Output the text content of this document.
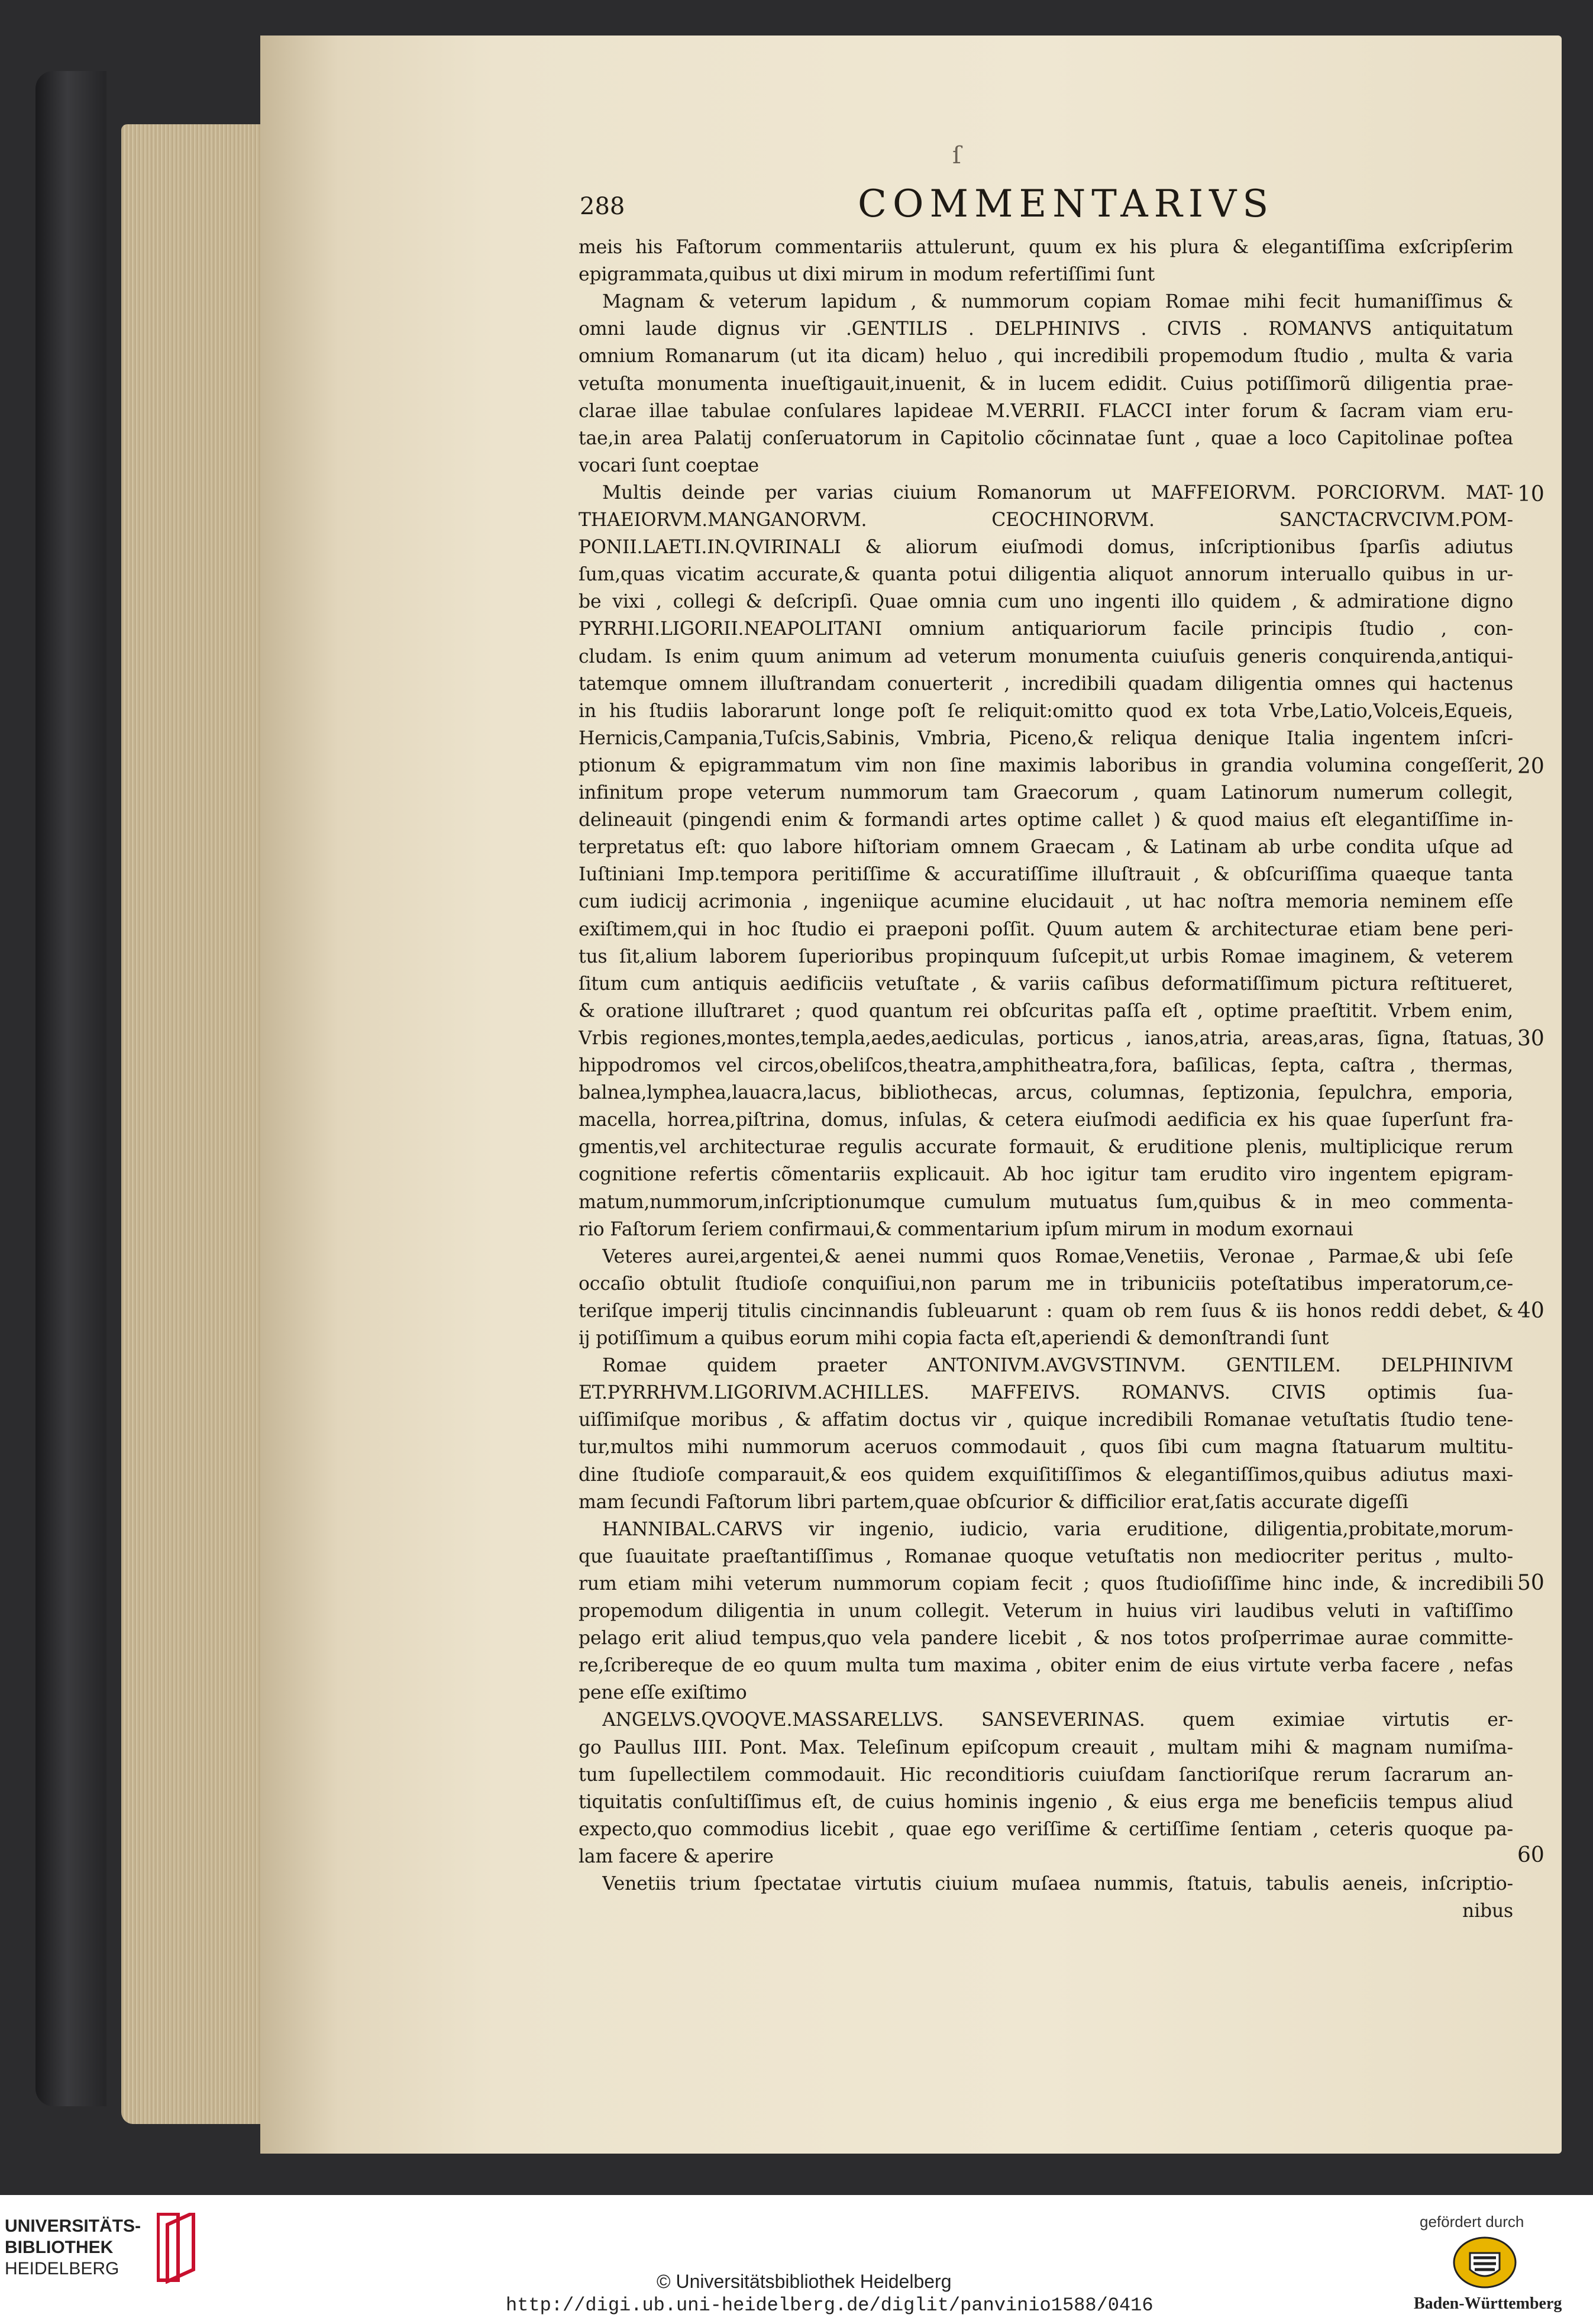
ſ
288	COMMENTARIVS
meis his Faſtorum commentariis attulerunt, quum ex his plura & elegantiſſima exſcripſerim
epigrammata,quibus ut dixi mirum in modum refertiſſimi ſunt
Magnam & veterum lapidum , & nummorum copiam Romae mihi fecit humaniſſimus &
omni laude dignus vir .GENTILIS . DELPHINIVS . CIVIS . ROMANVS antiquitatum
omnium Romanarum (ut ita dicam) heluo , qui incredibili propemodum ſtudio , multa & varia
vetuſta monumenta inueſtigauit,inuenit, & in lucem edidit. Cuius potiſſimorũ diligentia prae-
clarae illae tabulae conſulares lapideae M.VERRII. FLACCI inter forum & ſacram viam eru-
tae,in area Palatij conſeruatorum in Capitolio cõcinnatae ſunt , quae a loco Capitolinae poſtea
vocari ſunt coeptae
Multis deinde per varias ciuium Romanorum ut MAFFEIORVM. PORCIORVM. MAT-
THAEIORVM.MANGANORVM. CEOCHINORVM. SANCTACRVCIVM.POM-
PONII.LAETI.IN.QVIRINALI & aliorum eiuſmodi domus, inſcriptionibus ſparſis adiutus
ſum,quas vicatim accurate,& quanta potui diligentia aliquot annorum interuallo quibus in ur-
be vixi , collegi & deſcripſi. Quae omnia cum uno ingenti illo quidem , & admiratione digno
PYRRHI.LIGORII.NEAPOLITANI omnium antiquariorum facile principis ſtudio , con-
cludam. Is enim quum animum ad veterum monumenta cuiuſuis generis conquirenda,antiqui-
tatemque omnem illuſtrandam conuerterit , incredibili quadam diligentia omnes qui hactenus
in his ſtudiis laborarunt longe poſt ſe reliquit:omitto quod ex tota Vrbe,Latio,Volceis,Equeis,
Hernicis,Campania,Tuſcis,Sabinis, Vmbria, Piceno,& reliqua denique Italia ingentem inſcri-
ptionum & epigrammatum vim non ſine maximis laboribus in grandia volumina congeſſerit,
infinitum prope veterum nummorum tam Graecorum , quam Latinorum numerum collegit,
delineauit (pingendi enim & formandi artes optime callet ) & quod maius eſt elegantiſſime in-
terpretatus eſt: quo labore hiſtoriam omnem Graecam , & Latinam ab urbe condita uſque ad
Iuſtiniani Imp.tempora peritiſſime & accuratiſſime illuſtrauit , & obſcuriſſima quaeque tanta
cum iudicij acrimonia , ingeniique acumine elucidauit , ut hac noſtra memoria neminem eſſe
exiſtimem,qui in hoc ſtudio ei praeponi poſſit. Quum autem & architecturae etiam bene peri-
tus ſit,alium laborem ſuperioribus propinquum ſuſcepit,ut urbis Romae imaginem, & veterem
ſitum cum antiquis aedificiis vetuſtate , & variis caſibus deformatiſſimum pictura reſtitueret,
& oratione illuſtraret ; quod quantum rei obſcuritas paſſa eſt , optime praeſtitit. Vrbem enim,
Vrbis regiones,montes,templa,aedes,aediculas, porticus , ianos,atria, areas,aras, ſigna, ſtatuas,
hippodromos vel circos,obeliſcos,theatra,amphitheatra,fora, baſilicas, ſepta, caſtra , thermas,
balnea,lymphea,lauacra,lacus, bibliothecas, arcus, columnas, ſeptizonia, ſepulchra, emporia,
macella, horrea,piſtrina, domus, inſulas, & cetera eiuſmodi aedificia ex his quae ſuperſunt fra-
gmentis,vel architecturae regulis accurate formauit, & eruditione plenis, multiplicique rerum
cognitione refertis cõmentariis explicauit. Ab hoc igitur tam erudito viro ingentem epigram-
matum,nummorum,inſcriptionumque cumulum mutuatus ſum,quibus & in meo commenta-
rio Faſtorum ſeriem confirmaui,& commentarium ipſum mirum in modum exornaui
Veteres aurei,argentei,& aenei nummi quos Romae,Venetiis, Veronae , Parmae,& ubi ſeſe
occaſio obtulit ſtudioſe conquiſiui,non parum me in tribuniciis poteſtatibus imperatorum,ce-
teriſque imperij titulis cincinnandis ſubleuarunt : quam ob rem ſuus & iis honos reddi debet, &
ij potiſſimum a quibus eorum mihi copia facta eſt,aperiendi & demonſtrandi ſunt
Romae quidem praeter ANTONIVM.AVGVSTINVM. GENTILEM. DELPHINIVM
ET.PYRRHVM.LIGORIVM.ACHILLES. MAFFEIVS. ROMANVS. CIVIS optimis ſua-
uiſſimiſque moribus , & affatim doctus vir , quique incredibili Romanae vetuſtatis ſtudio tene-
tur,multos mihi nummorum aceruos commodauit , quos ſibi cum magna ſtatuarum multitu-
dine ſtudioſe comparauit,& eos quidem exquiſitiſſimos & elegantiſſimos,quibus adiutus maxi-
mam ſecundi Faſtorum libri partem,quae obſcurior & difficilior erat,ſatis accurate digeſſi
HANNIBAL.CARVS vir ingenio, iudicio, varia eruditione, diligentia,probitate,morum-
que ſuauitate praeſtantiſſimus , Romanae quoque vetuſtatis non mediocriter peritus , multo-
rum etiam mihi veterum nummorum copiam fecit ; quos ſtudioſiſſime hinc inde, & incredibili
propemodum diligentia in unum collegit. Veterum in huius viri laudibus veluti in vaſtiſſimo
pelago erit aliud tempus,quo vela pandere licebit , & nos totos proſperrimae aurae committe-
re,ſcribereque de eo quum multa tum maxima , obiter enim de eius virtute verba facere , nefas
pene eſſe exiſtimo
ANGELVS.QVOQVE.MASSARELLVS. SANSEVERINAS. quem eximiae virtutis er-
go Paullus IIII. Pont. Max. Teleſinum epiſcopum creauit , multam mihi & magnam numiſma-
tum ſupellectilem commodauit. Hic reconditioris cuiuſdam ſanctioriſque rerum ſacrarum an-
tiquitatis conſultiſſimus eſt, de cuius hominis ingenio , & eius erga me beneficiis tempus aliud
expecto,quo commodius licebit , quae ego veriſſime & certiſſime ſentiam , ceteris quoque pa-
lam facere & aperire
Venetiis trium ſpectatae virtutis ciuium muſaea nummis, ſtatuis, tabulis aeneis, inſcriptio-
nibus
10
20
30
40
50
60
UNIVERSITÄTS-
BIBLIOTHEK
HEIDELBERG
© Universitätsbibliothek Heidelberg
http://digi.ub.uni-heidelberg.de/diglit/panvinio1588/0416
gefördert durch
Baden-Württemberg
